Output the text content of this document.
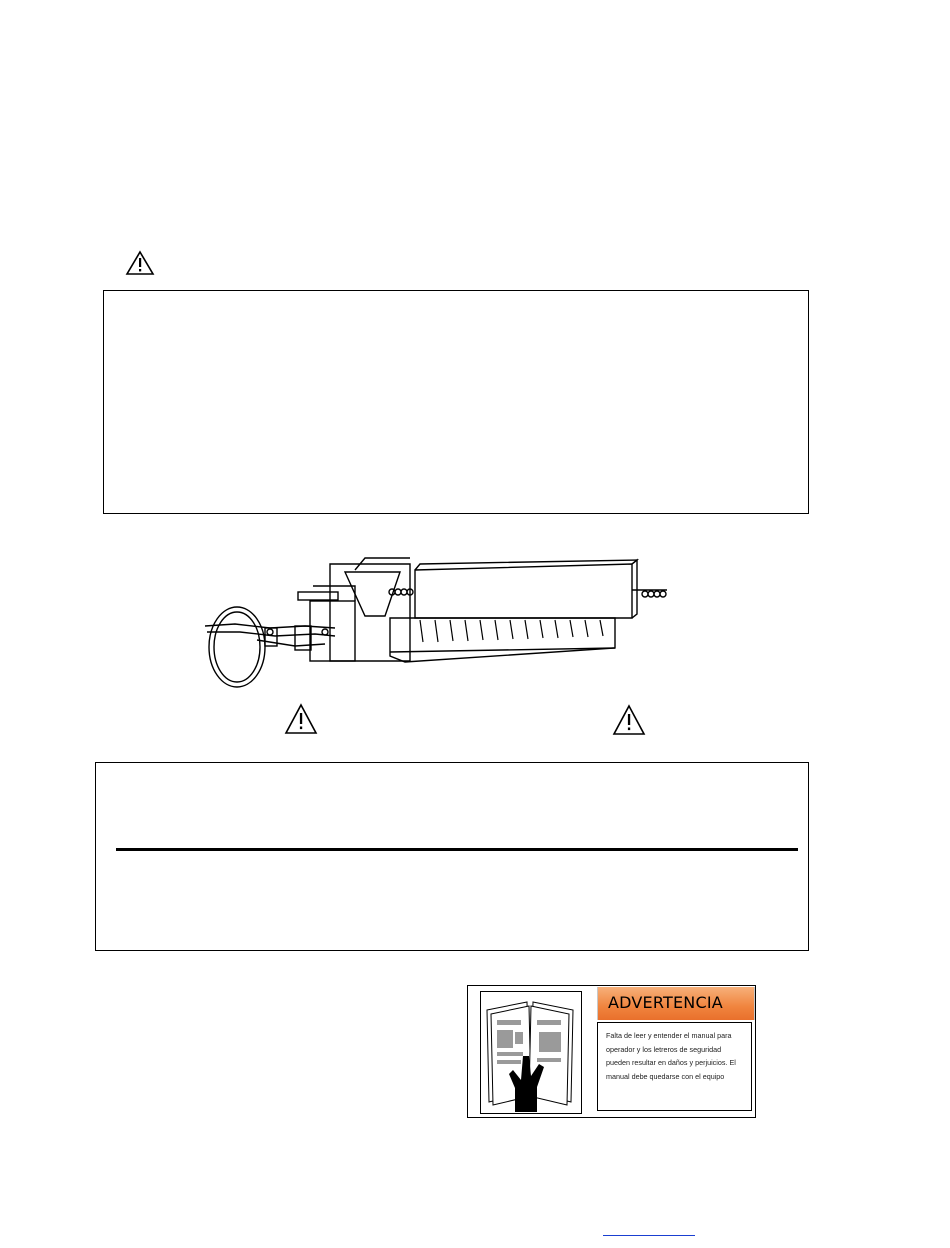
ADVERTENCIA

Falta de leer y entender el manual para operador y los letreros de seguridad pueden resultar en daños y perjuicios. El manual debe quedarse con el equipo
